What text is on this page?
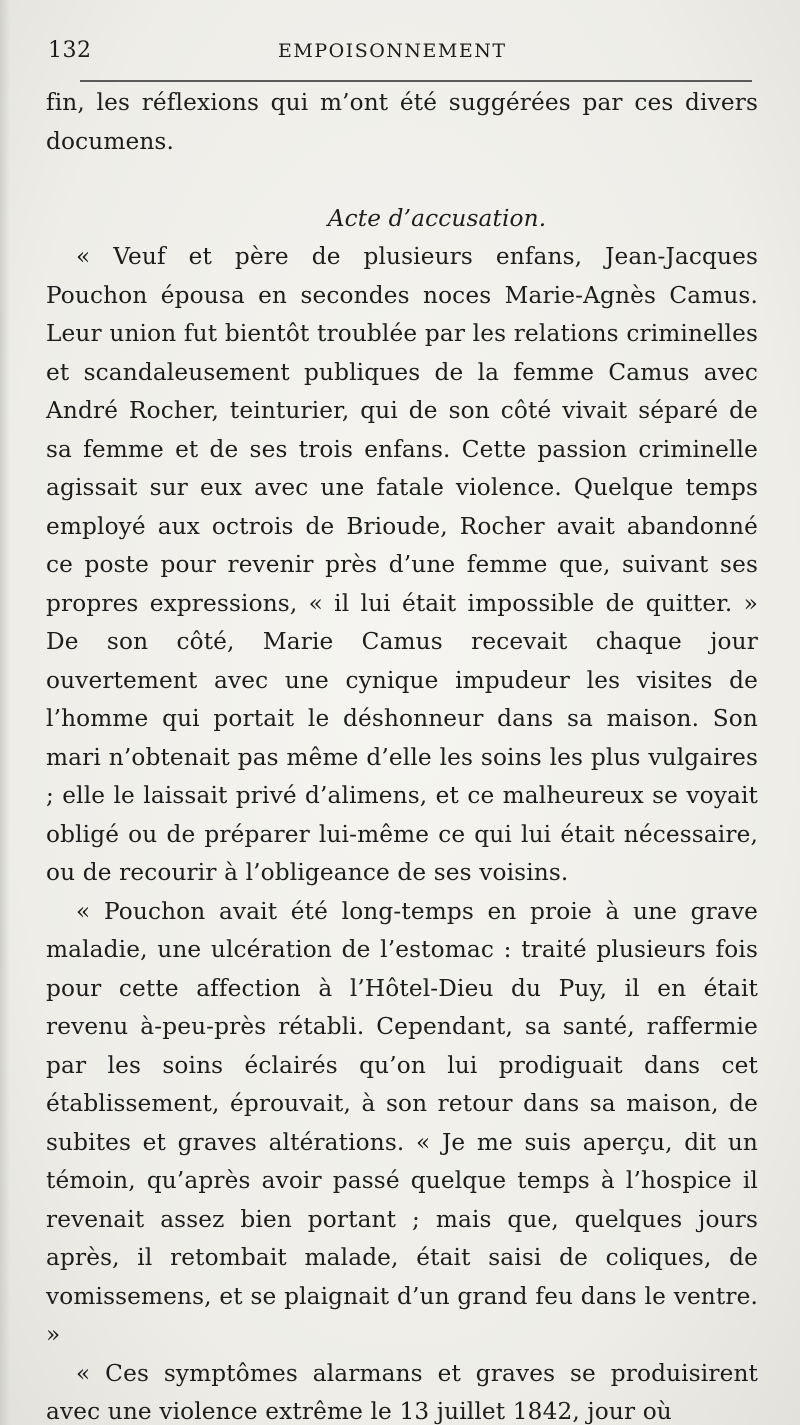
132	EMPOISONNEMENT

fin, les réflexions qui m’ont été suggérées par ces divers documens.

Acte d’accusation.

« Veuf et père de plusieurs enfans, Jean-Jacques Pouchon épousa en secondes noces Marie-Agnès Camus. Leur union fut bientôt troublée par les relations criminelles et scandaleusement publiques de la femme Camus avec André Rocher, teinturier, qui de son côté vivait séparé de sa femme et de ses trois enfans. Cette passion criminelle agissait sur eux avec une fatale violence. Quelque temps employé aux octrois de Brioude, Rocher avait abandonné ce poste pour revenir près d’une femme que, suivant ses propres expressions, « il lui était impossible de quitter. » De son côté, Marie Camus recevait chaque jour ouvertement avec une cynique impudeur les visites de l’homme qui portait le déshonneur dans sa maison. Son mari n’obtenait pas même d’elle les soins les plus vulgaires ; elle le laissait privé d’alimens, et ce malheureux se voyait obligé ou de préparer lui-même ce qui lui était nécessaire, ou de recourir à l’obligeance de ses voisins.

« Pouchon avait été long-temps en proie à une grave maladie, une ulcération de l’estomac : traité plusieurs fois pour cette affection à l’Hôtel-Dieu du Puy, il en était revenu à-peu-près rétabli. Cependant, sa santé, raffermie par les soins éclairés qu’on lui prodiguait dans cet établissement, éprouvait, à son retour dans sa maison, de subites et graves altérations. « Je me suis aperçu, dit un témoin, qu’après avoir passé quelque temps à l’hospice il revenait assez bien portant ; mais que, quelques jours après, il retombait malade, était saisi de coliques, de vomissemens, et se plaignait d’un grand feu dans le ventre. »

« Ces symptômes alarmans et graves se produisirent avec une violence extrême le 13 juillet 1842, jour où
